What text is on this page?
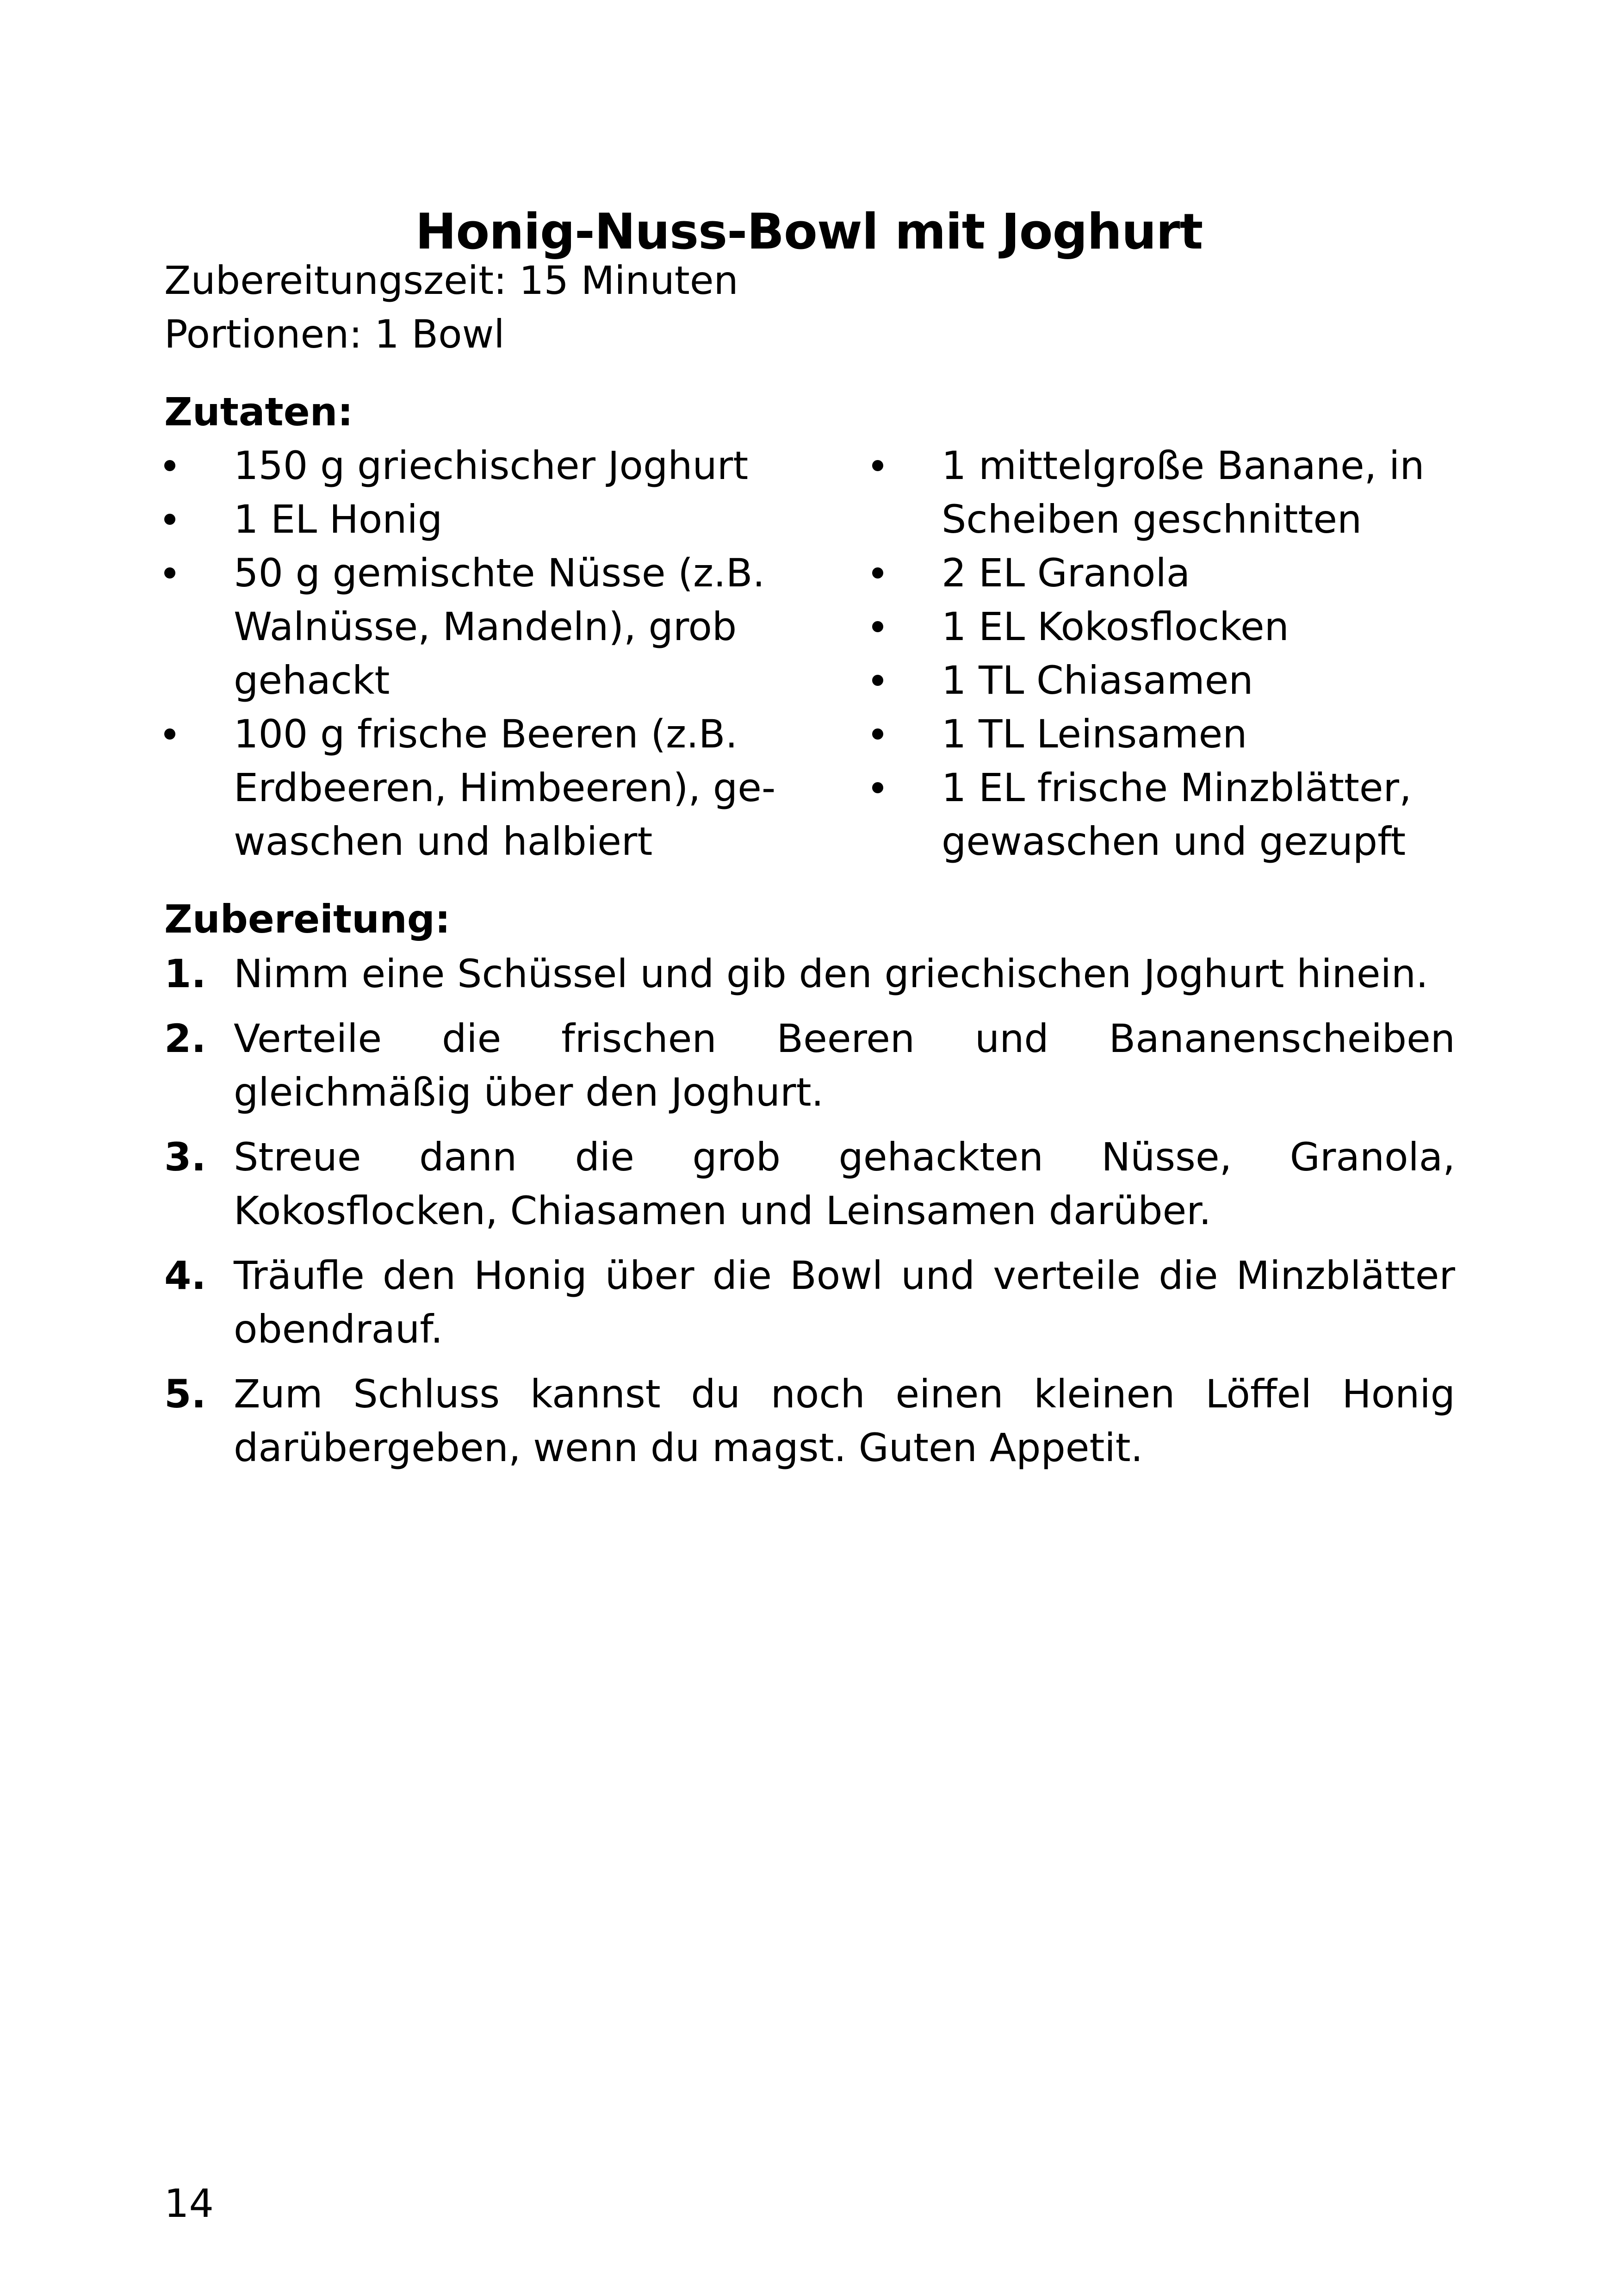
Honig-Nuss-Bowl mit Joghurt
Zubereitungszeit: 15 Minuten
Portionen: 1 Bowl
Zutaten:
150 g griechischer Joghurt
1 EL Honig
50 g gemischte Nüsse (z.B. Walnüsse, Mandeln), grob gehackt
100 g frische Beeren (z.B. Erdbeeren, Himbeeren), gewaschen und halbiert
1 mittelgroße Banane, in Scheiben geschnitten
2 EL Granola
1 EL Kokosflocken
1 TL Chiasamen
1 TL Leinsamen
1 EL frische Minzblätter, gewaschen und gezupft
Zubereitung:
1. Nimm eine Schüssel und gib den griechischen Joghurt hinein.
2. Verteile die frischen Beeren und Bananenscheiben gleichmäßig über den Joghurt.
3. Streue dann die grob gehackten Nüsse, Granola, Kokosflocken, Chiasamen und Leinsamen darüber.
4. Träufle den Honig über die Bowl und verteile die Minzblätter obendrauf.
5. Zum Schluss kannst du noch einen kleinen Löffel Honig darübergeben, wenn du magst. Guten Appetit.
14
